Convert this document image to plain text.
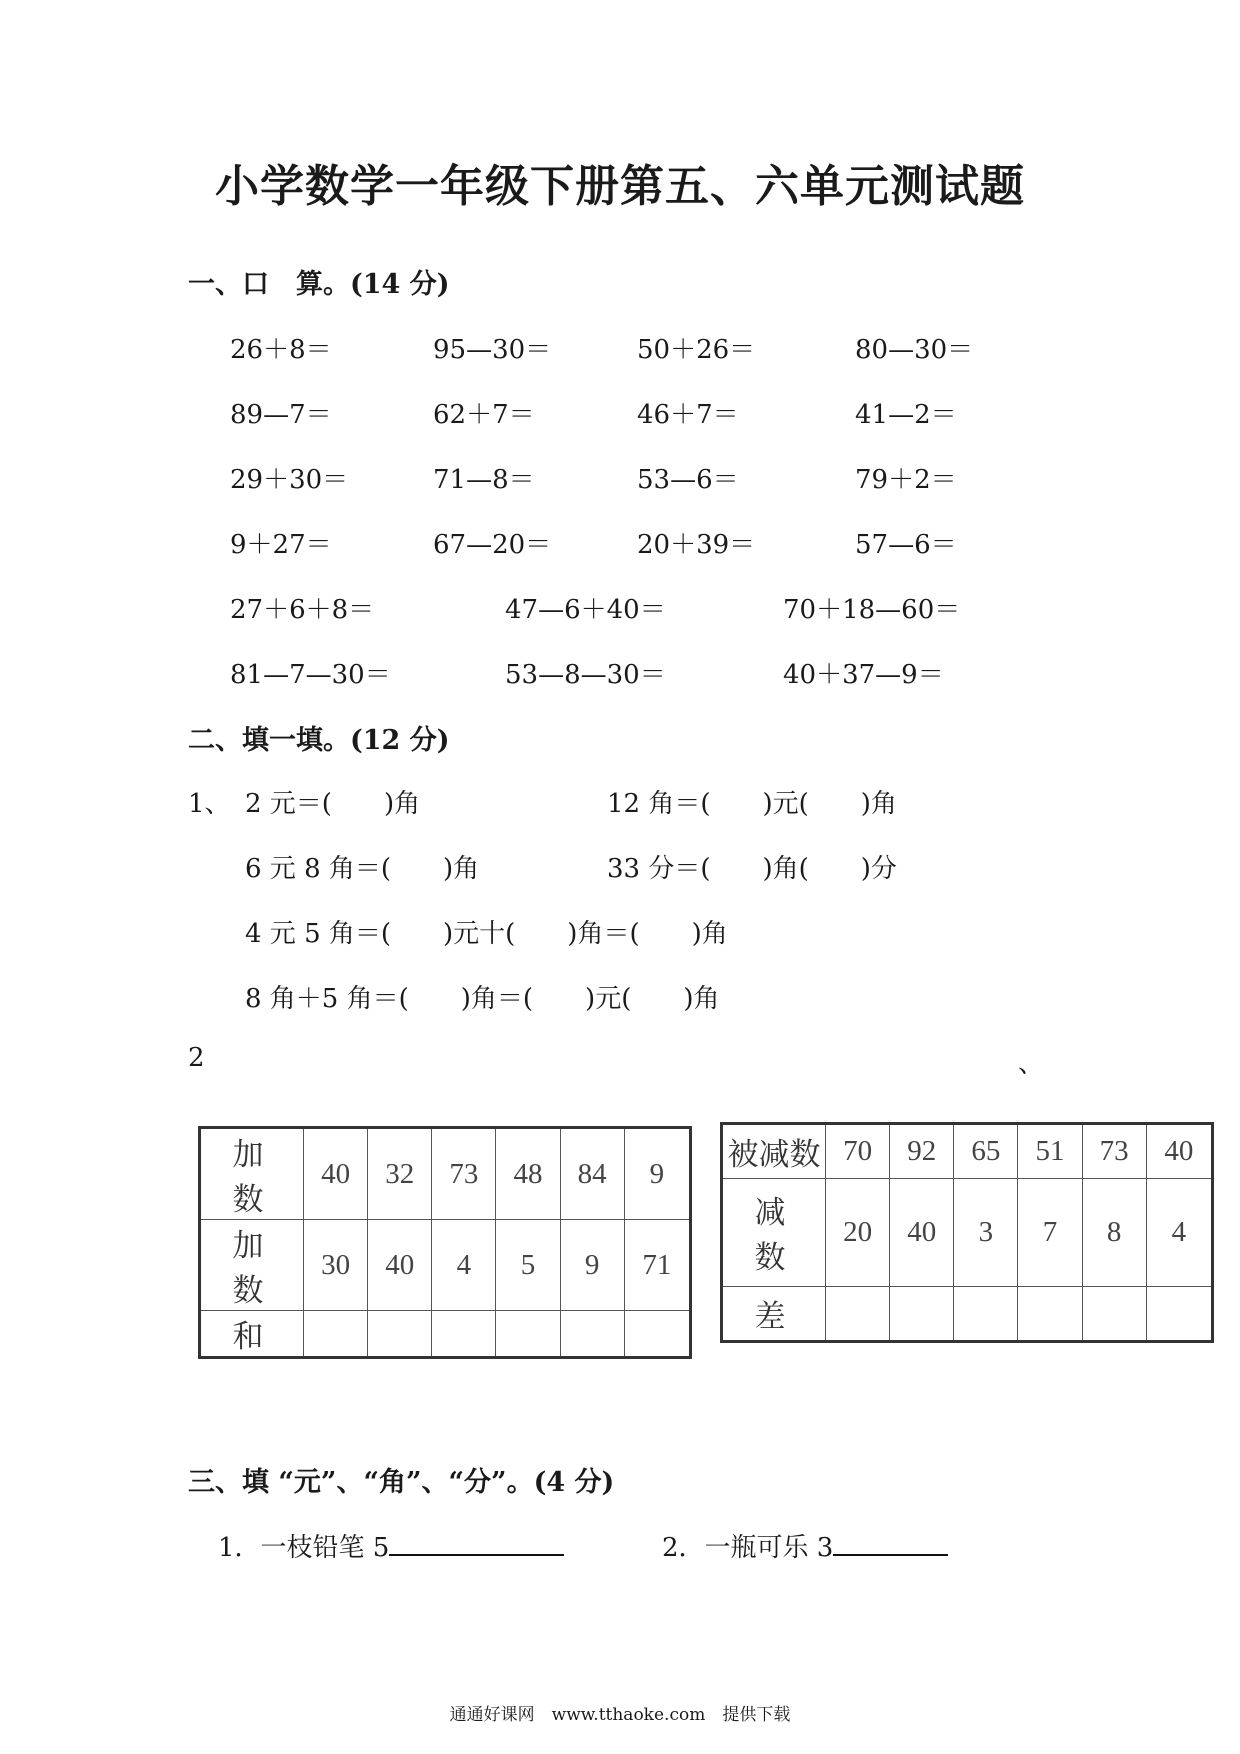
小学数学一年级下册第五、六单元测试题
一、口　算。(14 分)
26＋8＝	95—30＝	50＋26＝	80—30＝
89—7＝	62＋7＝	46＋7＝	41—2＝
29＋30＝	71—8＝	53—6＝	79＋2＝
9＋27＝	67—20＝	20＋39＝	57—6＝
27＋6＋8＝	47—6＋40＝	70＋18—60＝
81—7—30＝	53—8—30＝	40＋37—9＝
二、填一填。(12 分)
1、 2 元＝(　　)角	12 角＝(　　)元(　　)角
6 元 8 角＝(　　)角	33 分＝(　　)角(　　)分
4 元 5 角＝(　　)元十(　　)角＝(　　)角
8 角＋5 角＝(　　)角＝(　　)元(　　)角
2	、
加　数	40	32	73	48	84	9
加　数	30	40	4	5	9	71
和						
被减数	70	92	65	51	73	40
减　数	20	40	3	7	8	4
差						
三、填 “元”、“角”、“分”。(4 分)
1．一枝铅笔 5	2．一瓶可乐 3
通通好课网　www.tthaoke.com　提供下载
